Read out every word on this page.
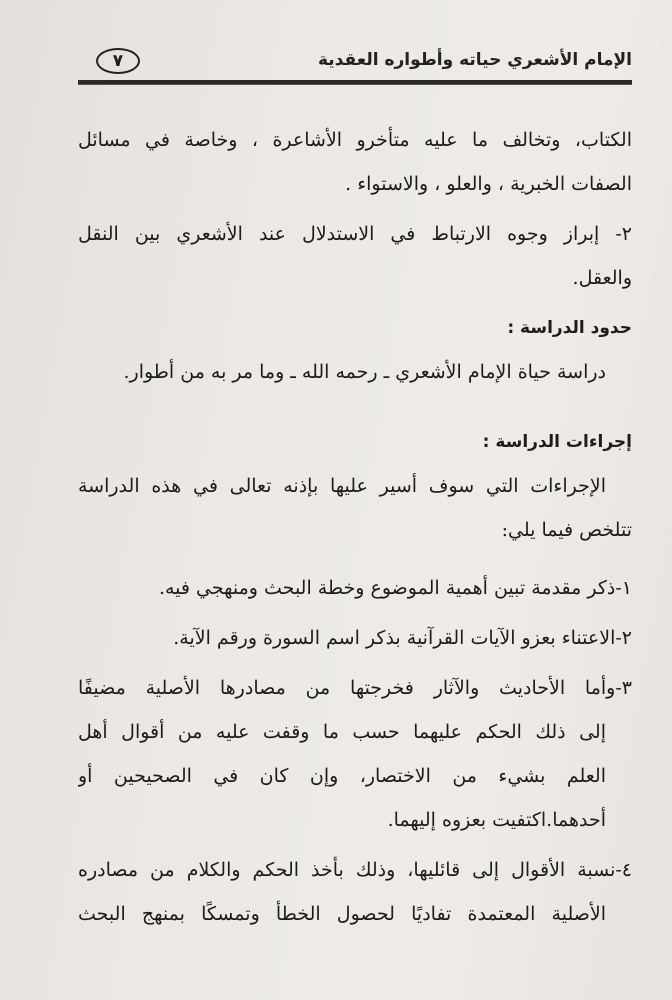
الإمام الأشعري حياته وأطواره العقدية
٧
الكتاب، وتخالف ما عليه متأخرو الأشاعرة ، وخاصة في مسائل
الصفات الخبرية ، والعلو ، والاستواء .
٢- إبراز وجوه الارتباط في الاستدلال عند الأشعري بين النقل
والعقل.
حدود الدراسة :
دراسة حياة الإمام الأشعري ـ رحمه الله ـ وما مر به من أطوار.
إجراءات الدراسة :
الإجراءات التي سوف أسير عليها بإذنه تعالى في هذه الدراسة
تتلخص فيما يلي:
١-ذكر مقدمة تبين أهمية الموضوع وخطة البحث ومنهجي فيه.
٢-الاعتناء بعزو الآيات القرآنية بذكر اسم السورة ورقم الآية.
٣-وأما الأحاديث والآثار فخرجتها من مصادرها الأصلية مضيفًا
إلى ذلك الحكم عليهما حسب ما وقفت عليه من أقوال أهل
العلم بشيء من الاختصار، وإن كان في الصحيحين أو
أحدهما.اكتفيت بعزوه إليهما.
٤-نسبة الأقوال إلى قائليها، وذلك بأخذ الحكم والكلام من مصادره
الأصلية المعتمدة تفاديًا لحصول الخطأ وتمسكًا بمنهج البحث
